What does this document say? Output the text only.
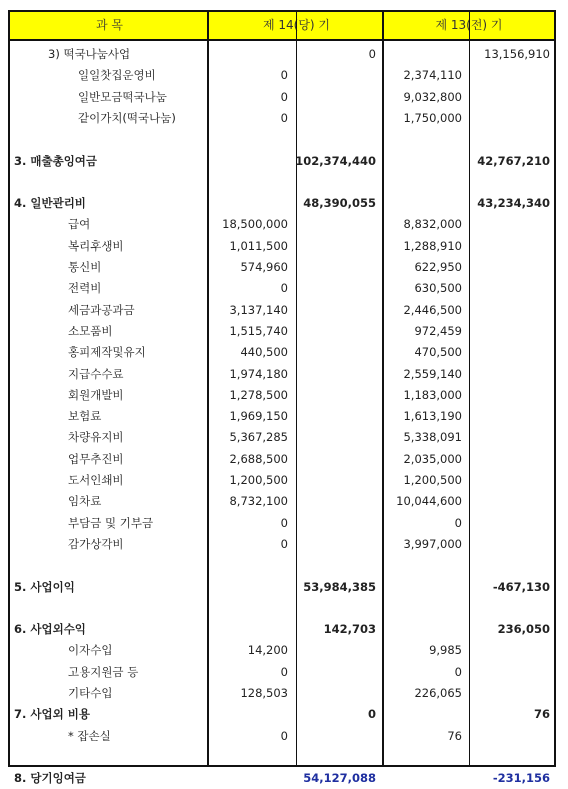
과 목	제 14(당) 기	제 13(전) 기
3) 떡국나눔사업	0	13,156,910
일일찻집운영비	0	2,374,110
일반모금떡국나눔	0	9,032,800
같이가치(떡국나눔)	0	1,750,000
3. 매출총잉여금	102,374,440	42,767,210
4. 일반관리비	48,390,055	43,234,340
급여	18,500,000	8,832,000
복리후생비	1,011,500	1,288,910
통신비	574,960	622,950
전력비	0	630,500
세금과공과금	3,137,140	2,446,500
소모품비	1,515,740	972,459
홍피제작및유지	440,500	470,500
지급수수료	1,974,180	2,559,140
회원개발비	1,278,500	1,183,000
보험료	1,969,150	1,613,190
차량유지비	5,367,285	5,338,091
업무추진비	2,688,500	2,035,000
도서인쇄비	1,200,500	1,200,500
임차료	8,732,100	10,044,600
부담금 및 기부금	0	0
감가상각비	0	3,997,000
5. 사업이익	53,984,385	-467,130
6. 사업외수익	142,703	236,050
이자수입	14,200	9,985
고용지원금 등	0	0
기타수입	128,503	226,065
7. 사업외 비용	0	76
* 잡손실	0	76
8. 당기잉여금	54,127,088	-231,156
